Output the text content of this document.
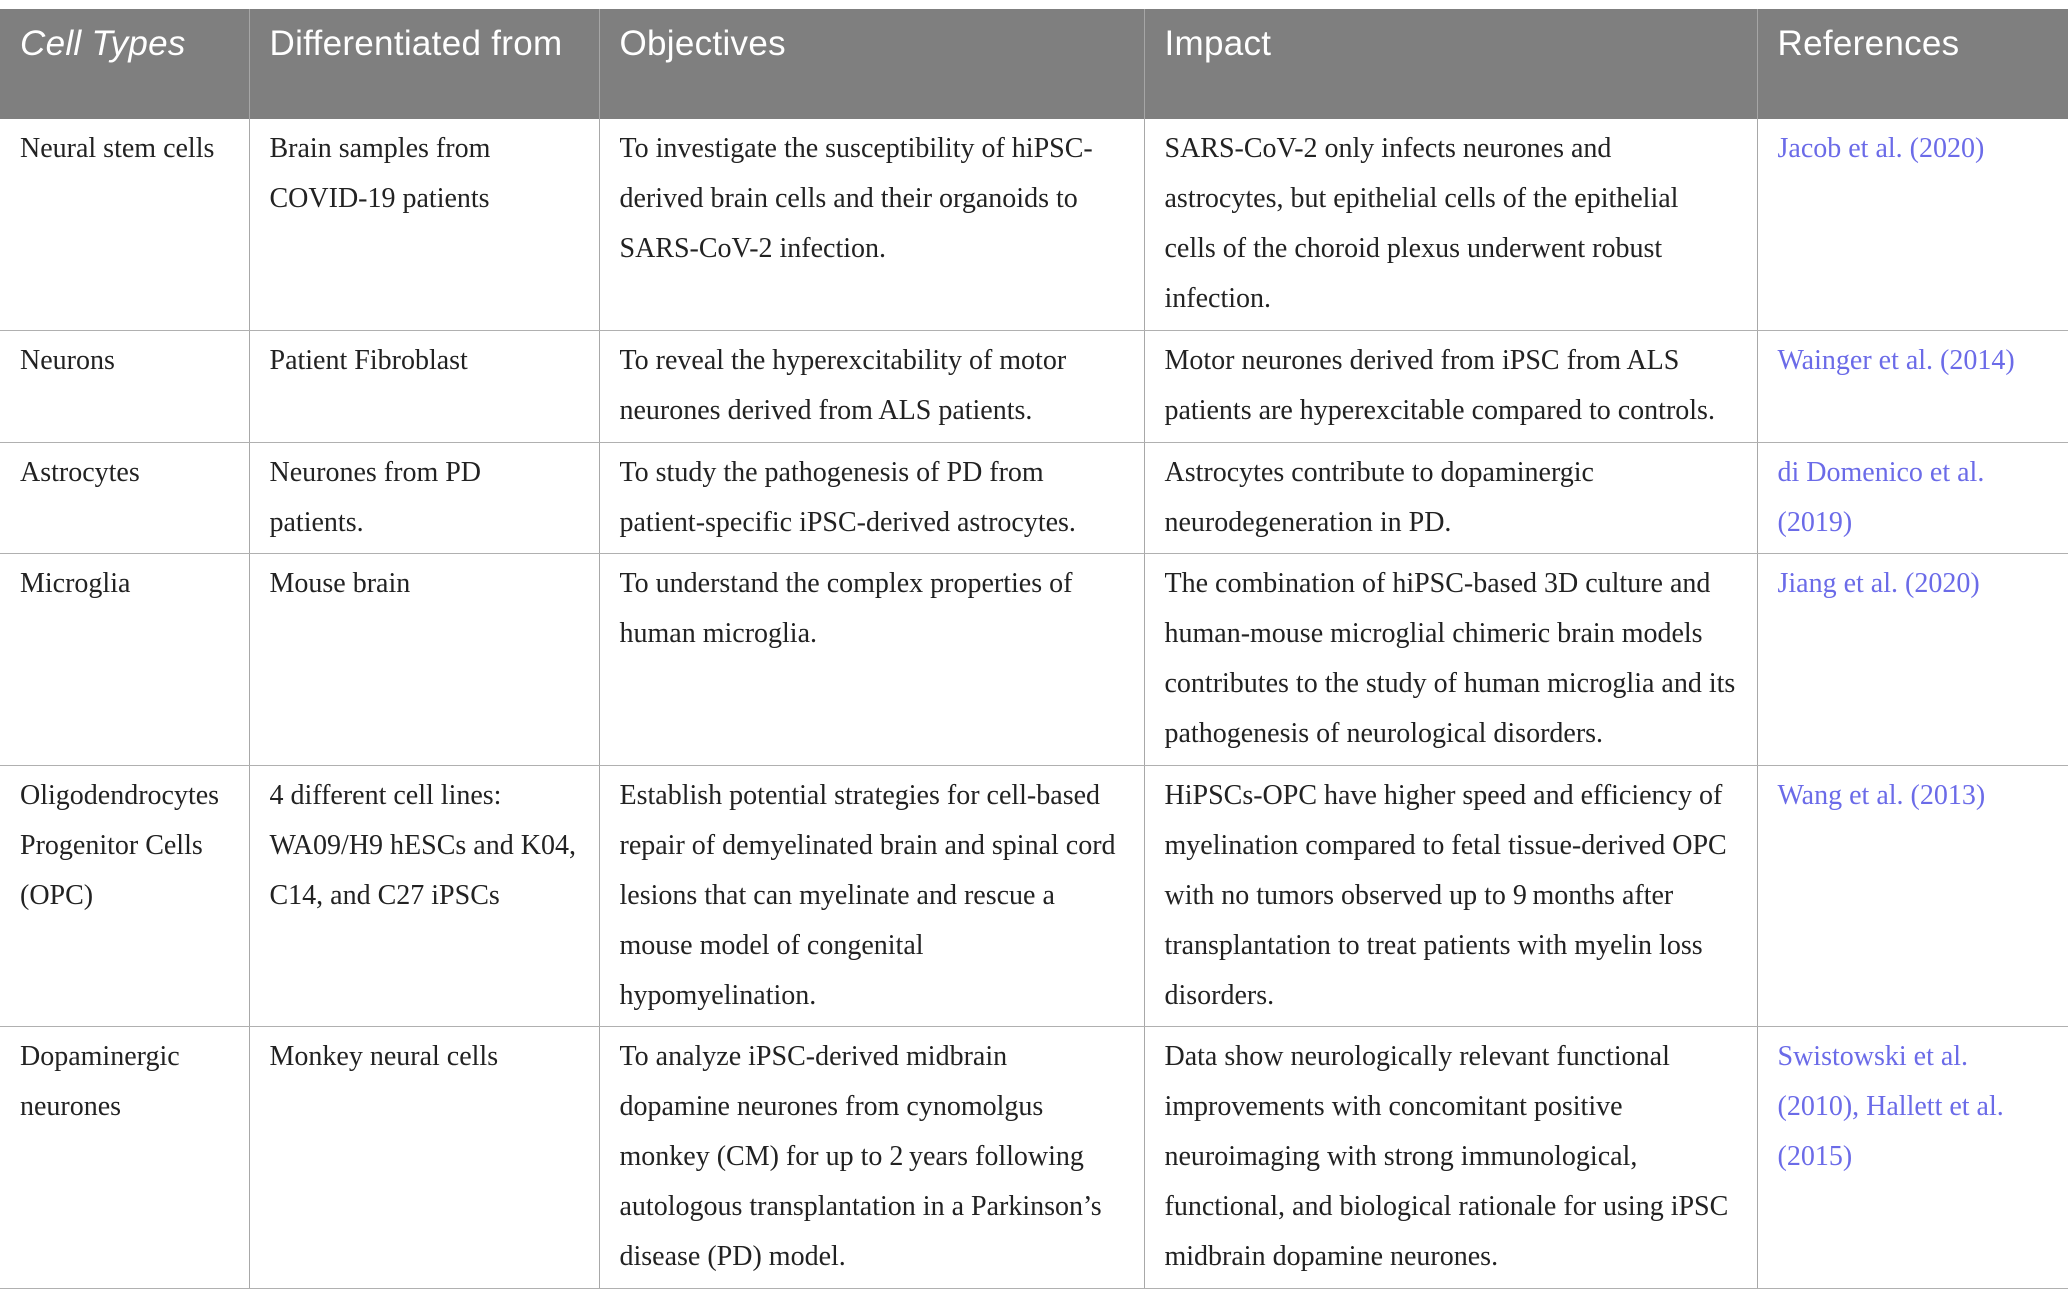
Cell Types	Differentiated from	Objectives	Impact	References
Neural stem cells	Brain samples from COVID-19 patients	To investigate the susceptibility of hiPSC-derived brain cells and their organoids to SARS-CoV-2 infection.	SARS-CoV-2 only infects neurones and astrocytes, but epithelial cells of the epithelial cells of the choroid plexus underwent robust infection.	Jacob et al. (2020)
Neurons	Patient Fibroblast	To reveal the hyperexcitability of motor neurones derived from ALS patients.	Motor neurones derived from iPSC from ALS patients are hyperexcitable compared to controls.	Wainger et al. (2014)
Astrocytes	Neurones from PD patients.	To study the pathogenesis of PD from patient-specific iPSC-derived astrocytes.	Astrocytes contribute to dopaminergic neurodegeneration in PD.	di Domenico et al. (2019)
Microglia	Mouse brain	To understand the complex properties of human microglia.	The combination of hiPSC-based 3D culture and human-mouse microglial chimeric brain models contributes to the study of human microglia and its pathogenesis of neurological disorders.	Jiang et al. (2020)
Oligodendrocytes Progenitor Cells (OPC)	4 different cell lines: WA09/H9 hESCs and K04, C14, and C27 iPSCs	Establish potential strategies for cell-based repair of demyelinated brain and spinal cord lesions that can myelinate and rescue a mouse model of congenital hypomyelination.	HiPSCs-OPC have higher speed and efficiency of myelination compared to fetal tissue-derived OPC with no tumors observed up to 9 months after transplantation to treat patients with myelin loss disorders.	Wang et al. (2013)
Dopaminergic neurones	Monkey neural cells	To analyze iPSC-derived midbrain dopamine neurones from cynomolgus monkey (CM) for up to 2 years following autologous transplantation in a Parkinson’s disease (PD) model.	Data show neurologically relevant functional improvements with concomitant positive neuroimaging with strong immunological, functional, and biological rationale for using iPSC midbrain dopamine neurones.	Swistowski et al. (2010), Hallett et al. (2015)
